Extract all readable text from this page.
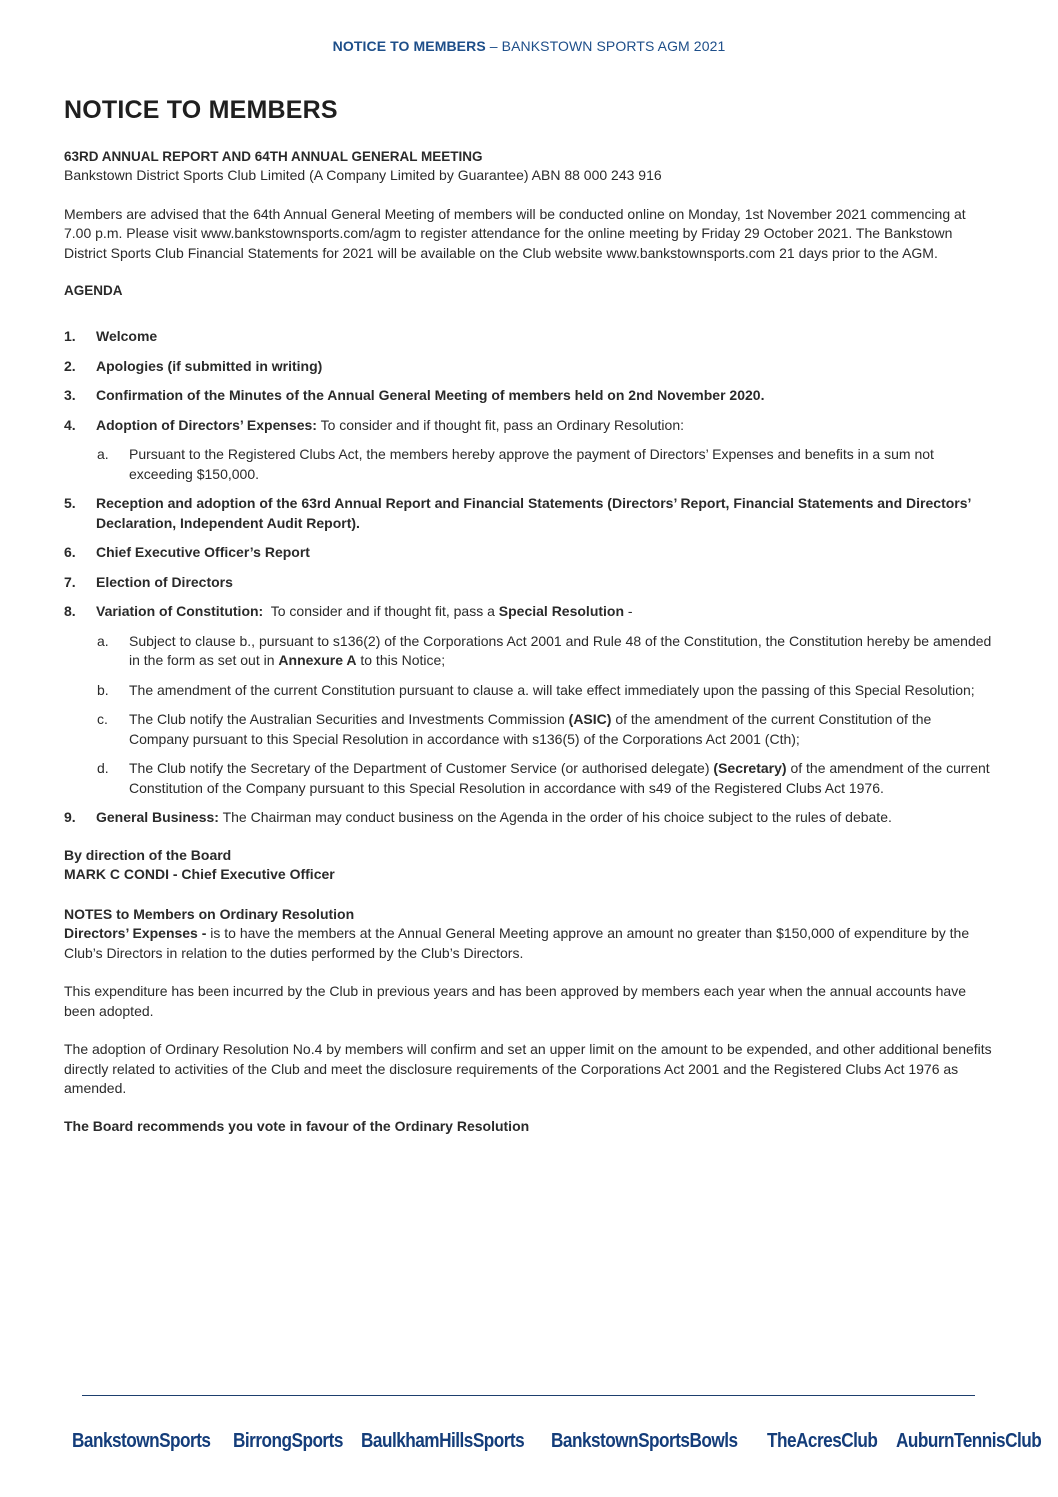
NOTICE TO MEMBERS – BANKSTOWN SPORTS AGM 2021
NOTICE TO MEMBERS
63RD ANNUAL REPORT AND 64TH ANNUAL GENERAL MEETING

Bankstown District Sports Club Limited (A Company Limited by Guarantee) ABN 88 000 243 916

Members are advised that the 64th Annual General Meeting of members will be conducted online on Monday, 1st November 2021 commencing at 7.00 p.m. Please visit www.bankstownsports.com/agm to register attendance for the online meeting by Friday 29 October 2021. The Bankstown District Sports Club Financial Statements for 2021 will be available on the Club website www.bankstownsports.com 21 days prior to the AGM.

AGENDA
1. Welcome
2. Apologies (if submitted in writing)
3. Confirmation of the Minutes of the Annual General Meeting of members held on 2nd November 2020.
4. Adoption of Directors’ Expenses: To consider and if thought fit, pass an Ordinary Resolution:
a. Pursuant to the Registered Clubs Act, the members hereby approve the payment of Directors’ Expenses and benefits in a sum not exceeding $150,000.
5. Reception and adoption of the 63rd Annual Report and Financial Statements (Directors’ Report, Financial Statements and Directors’ Declaration, Independent Audit Report).
6. Chief Executive Officer’s Report
7. Election of Directors
8. Variation of Constitution:  To consider and if thought fit, pass a Special Resolution -
a. Subject to clause b., pursuant to s136(2) of the Corporations Act 2001 and Rule 48 of the Constitution, the Constitution hereby be amended in the form as set out in Annexure A to this Notice;
b. The amendment of the current Constitution pursuant to clause a. will take effect immediately upon the passing of this Special Resolution;
c. The Club notify the Australian Securities and Investments Commission (ASIC) of the amendment of the current Constitution of the Company pursuant to this Special Resolution in accordance with s136(5) of the Corporations Act 2001 (Cth);
d. The Club notify the Secretary of the Department of Customer Service (or authorised delegate) (Secretary) of the amendment of the current Constitution of the Company pursuant to this Special Resolution in accordance with s49 of the Registered Clubs Act 1976.
9. General Business: The Chairman may conduct business on the Agenda in the order of his choice subject to the rules of debate.
By direction of the Board
MARK C CONDI - Chief Executive Officer
NOTES to Members on Ordinary Resolution

Directors’ Expenses - is to have the members at the Annual General Meeting approve an amount no greater than $150,000 of expenditure by the Club’s Directors in relation to the duties performed by the Club’s Directors.

This expenditure has been incurred by the Club in previous years and has been approved by members each year when the annual accounts have been adopted.

The adoption of Ordinary Resolution No.4 by members will confirm and set an upper limit on the amount to be expended, and other additional benefits directly related to activities of the Club and meet the disclosure requirements of the Corporations Act 2001 and the Registered Clubs Act 1976 as amended.

The Board recommends you vote in favour of the Ordinary Resolution
BankstownSports BirrongSports BaulkhamHillsSports BankstownSportsBowls TheAcresClub AuburnTennisClub
